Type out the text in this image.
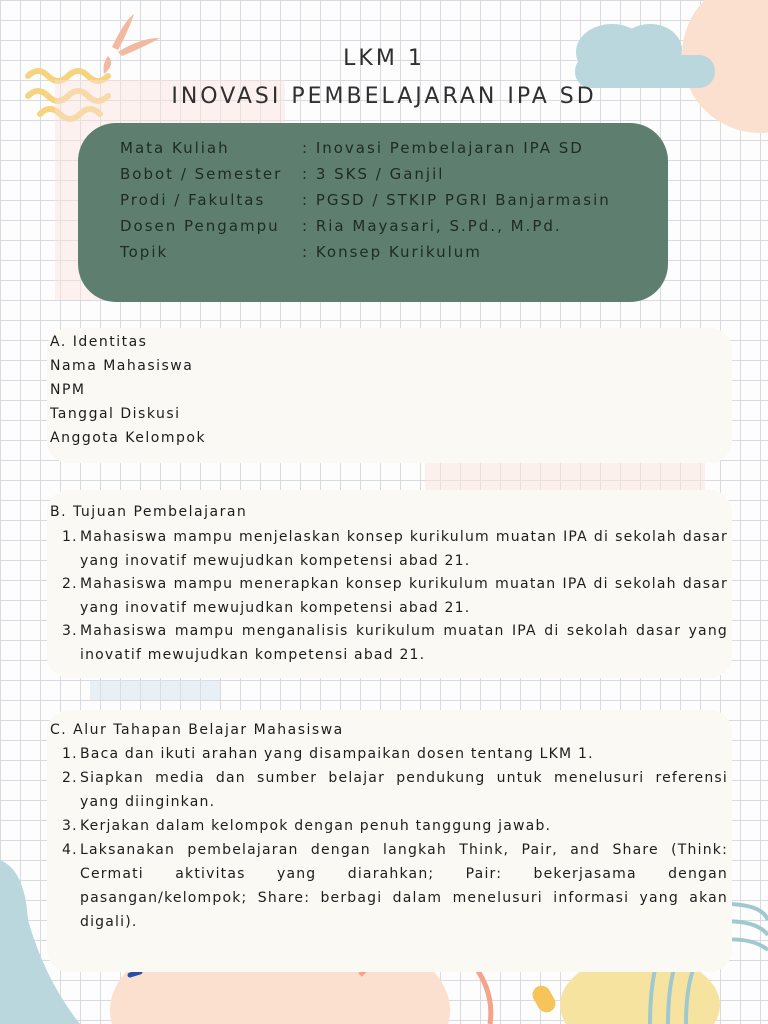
LKM 1
INOVASI PEMBELAJARAN IPA SD
Mata Kuliah	: Inovasi Pembelajaran IPA SD
Bobot / Semester : 3 SKS / Ganjil
Prodi / Fakultas : PGSD / STKIP PGRI Banjarmasin
Dosen Pengampu : Ria Mayasari, S.Pd., M.Pd.
Topik	: Konsep Kurikulum
A. Identitas
Nama Mahasiswa
NPM
Tanggal Diskusi
Anggota Kelompok
B. Tujuan Pembelajaran
1. Mahasiswa mampu menjelaskan konsep kurikulum muatan IPA di sekolah dasar yang inovatif mewujudkan kompetensi abad 21.
2. Mahasiswa mampu menerapkan konsep kurikulum muatan IPA di sekolah dasar yang inovatif mewujudkan kompetensi abad 21.
3. Mahasiswa mampu menganalisis kurikulum muatan IPA di sekolah dasar yang inovatif mewujudkan kompetensi abad 21.
C. Alur Tahapan Belajar Mahasiswa
1. Baca dan ikuti arahan yang disampaikan dosen tentang LKM 1.
2. Siapkan media dan sumber belajar pendukung untuk menelusuri referensi yang diinginkan.
3. Kerjakan dalam kelompok dengan penuh tanggung jawab.
4. Laksanakan pembelajaran dengan langkah Think, Pair, and Share (Think: Cermati aktivitas yang diarahkan; Pair: bekerjasama dengan pasangan/kelompok; Share: berbagi dalam menelusuri informasi yang akan digali).
